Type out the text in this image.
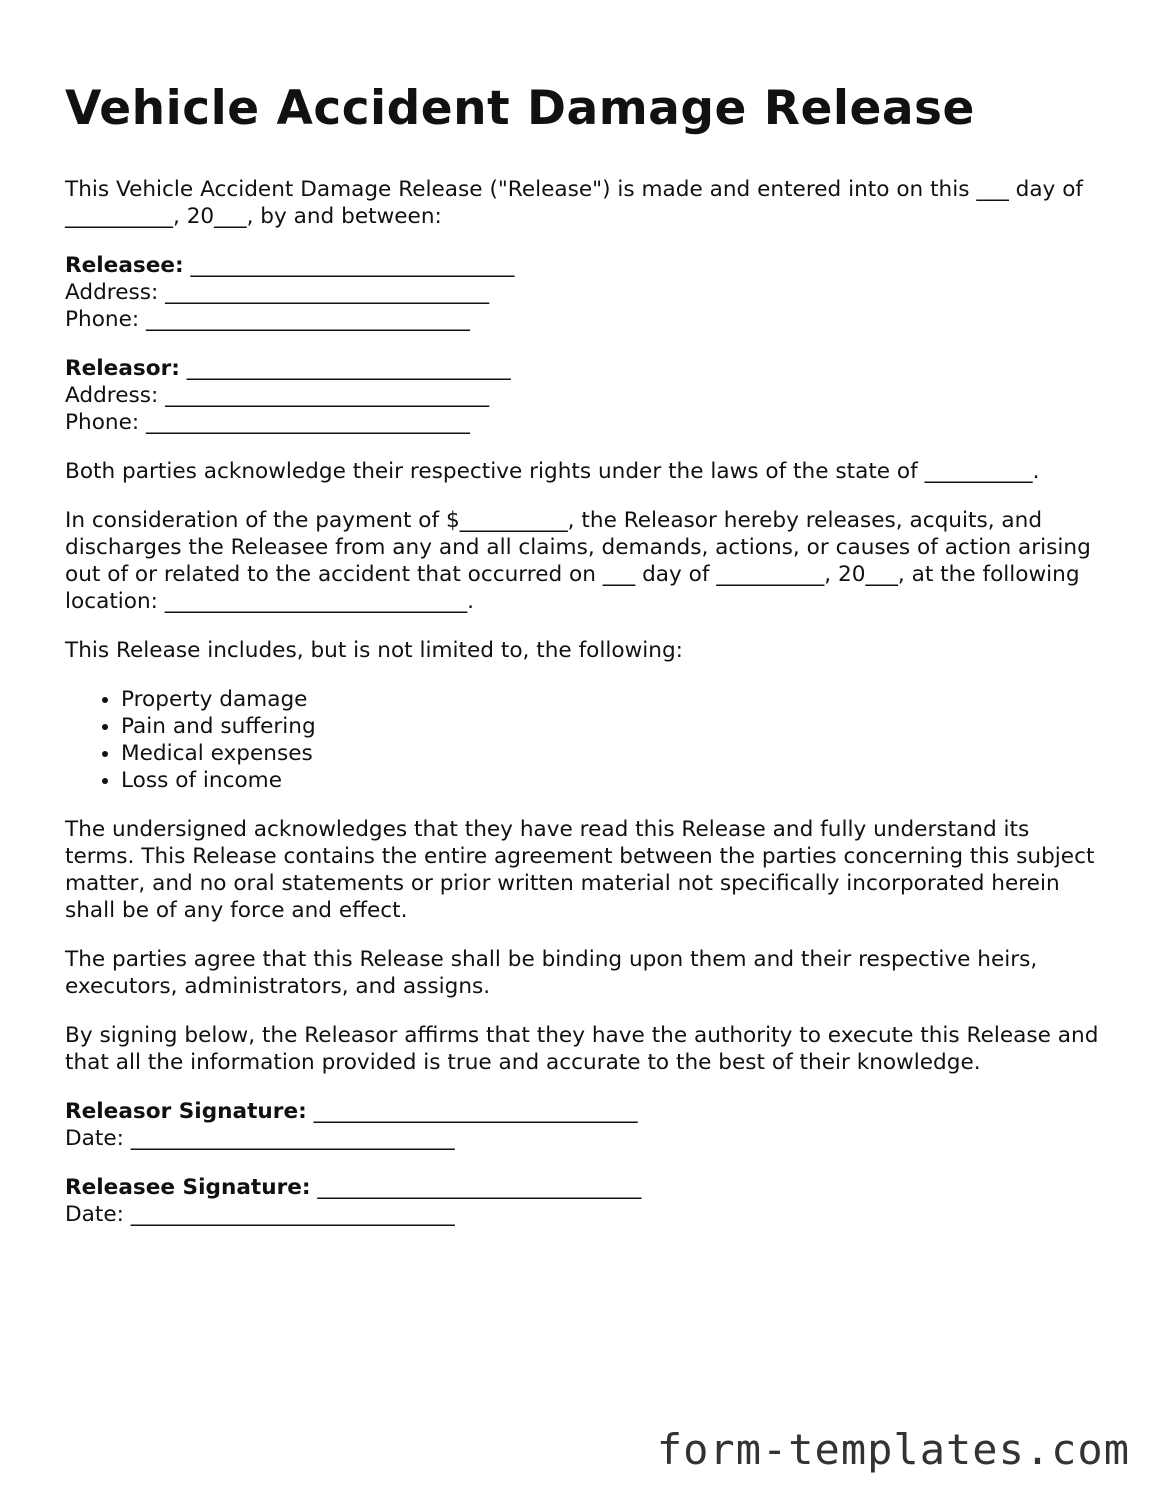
Vehicle Accident Damage Release

This Vehicle Accident Damage Release ("Release") is made and entered into on this ___ day of __________, 20___, by and between:

Releasee: ______________________________
Address: ______________________________
Phone: ______________________________
Releasor: ______________________________
Address: ______________________________
Phone: ______________________________

Both parties acknowledge their respective rights under the laws of the state of __________.

In consideration of the payment of $__________, the Releasor hereby releases, acquits, and discharges the Releasee from any and all claims, demands, actions, or causes of action arising out of or related to the accident that occurred on ___ day of __________, 20___, at the following location: ____________________________.

This Release includes, but is not limited to, the following:

• Property damage
• Pain and suffering
• Medical expenses
• Loss of income

The undersigned acknowledges that they have read this Release and fully understand its terms. This Release contains the entire agreement between the parties concerning this subject matter, and no oral statements or prior written material not specifically incorporated herein shall be of any force and effect.

The parties agree that this Release shall be binding upon them and their respective heirs, executors, administrators, and assigns.

By signing below, the Releasor affirms that they have the authority to execute this Release and that all the information provided is true and accurate to the best of their knowledge.

Releasor Signature: ______________________________
Date: ______________________________
Releasee Signature: ______________________________
Date: ______________________________
form-templates.com
